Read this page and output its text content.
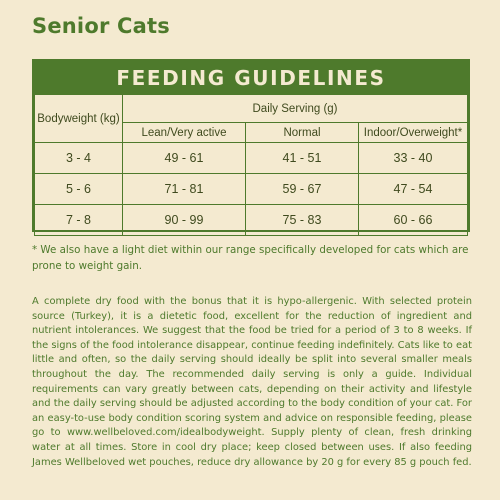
Senior Cats
FEEDING GUIDELINES
Bodyweight (kg)	Daily Serving (g)		
	Lean/Very active	Normal	Indoor/Overweight*
3 - 4	49 - 61	41 - 51	33 - 40
5 - 6	71 - 81	59 - 67	47 - 54
7 - 8	90 - 99	75 - 83	60 - 66
* We also have a light diet within our range specifically developed for cats which are prone to weight gain.
A complete dry food with the bonus that it is hypo-allergenic. With selected protein source (Turkey), it is a dietetic food, excellent for the reduction of ingredient and nutrient intolerances. We suggest that the food be tried for a period of 3 to 8 weeks. If the signs of the food intolerance disappear, continue feeding indefinitely. Cats like to eat little and often, so the daily serving should ideally be split into several smaller meals throughout the day. The recommended daily serving is only a guide. Individual requirements can vary greatly between cats, depending on their activity and lifestyle and the daily serving should be adjusted according to the body condition of your cat. For an easy-to-use body condition scoring system and advice on responsible feeding, please go to www.wellbeloved.com/idealbodyweight. Supply plenty of clean, fresh drinking water at all times. Store in cool dry place; keep closed between uses. If also feeding James Wellbeloved wet pouches, reduce dry allowance by 20 g for every 85 g pouch fed.
